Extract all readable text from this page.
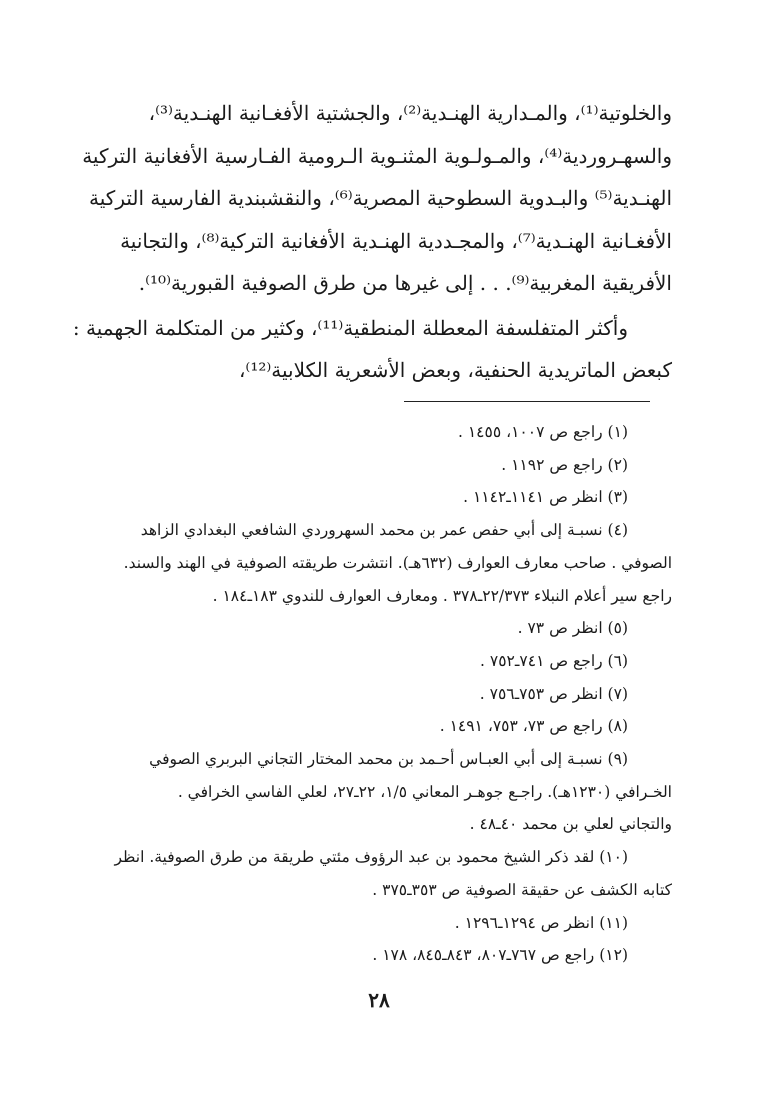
والخلوتية⁽¹⁾، والمـدارية الهنـدية⁽²⁾، والجشتية الأفغـانية الهنـدية⁽³⁾،
والسهـروردية⁽⁴⁾، والمـولـوية المثنـوية الـرومية الفـارسية الأفغانية التركية
الهنـدية⁽⁵⁾ والبـدوية السطوحية المصرية⁽⁶⁾، والنقشبندية الفارسية التركية
الأفغـانية الهنـدية⁽⁷⁾، والمجـددية الهنـدية الأفغانية التركية⁽⁸⁾، والتجانية
الأفريقية المغربية⁽⁹⁾. . . إلى غيرها من طرق الصوفية القبورية⁽¹⁰⁾.
وأكثر المتفلسفة المعطلة المنطقية⁽¹¹⁾، وكثير من المتكلمة الجهمية :
كبعض الماتريدية الحنفية، وبعض الأشعرية الكلابية⁽¹²⁾،
(١) راجع ص ١٠٠٧، ١٤٥٥ .
(٢) راجع ص ١١٩٢ .
(٣) انظر ص ١١٤١ـ١١٤٢ .
(٤) نسبـة إلى أبي حفص عمر بن محمد السهروردي الشافعي البغدادي الزاهد
الصوفي . صاحب معارف العوارف (٦٣٢هـ). انتشرت طريقته الصوفية في الهند والسند.
راجع سير أعلام النبلاء ٢٢/٣٧٣ـ٣٧٨ . ومعارف العوارف للندوي ١٨٣ـ١٨٤ .
(٥) انظر ص ٧٣ .
(٦) راجع ص ٧٤١ـ٧٥٢ .
(٧) انظر ص ٧٥٣ـ٧٥٦ .
(٨) راجع ص ٧٣، ٧٥٣، ١٤٩١ .
(٩) نسبـة إلى أبي العبـاس أحـمد بن محمد المختار التجاني البربري الصوفي
الخـرافي (١٢٣٠هـ). راجـع جوهـر المعاني ١/٥، ٢٢ـ٢٧، لعلي الفاسي الخرافي .
والتجاني لعلي بن محمد ٤٠ـ٤٨ .
(١٠) لقد ذكر الشيخ محمود بن عبد الرؤوف مئتي طريقة من طرق الصوفية. انظر
كتابه الكشف عن حقيقة الصوفية ص ٣٥٣ـ٣٧٥ .
(١١) انظر ص ١٢٩٤ـ١٢٩٦ .
(١٢) راجع ص ٧٦٧ـ٨٠٧، ٨٤٣ـ٨٤٥، ١٧٨ .
٢٨
